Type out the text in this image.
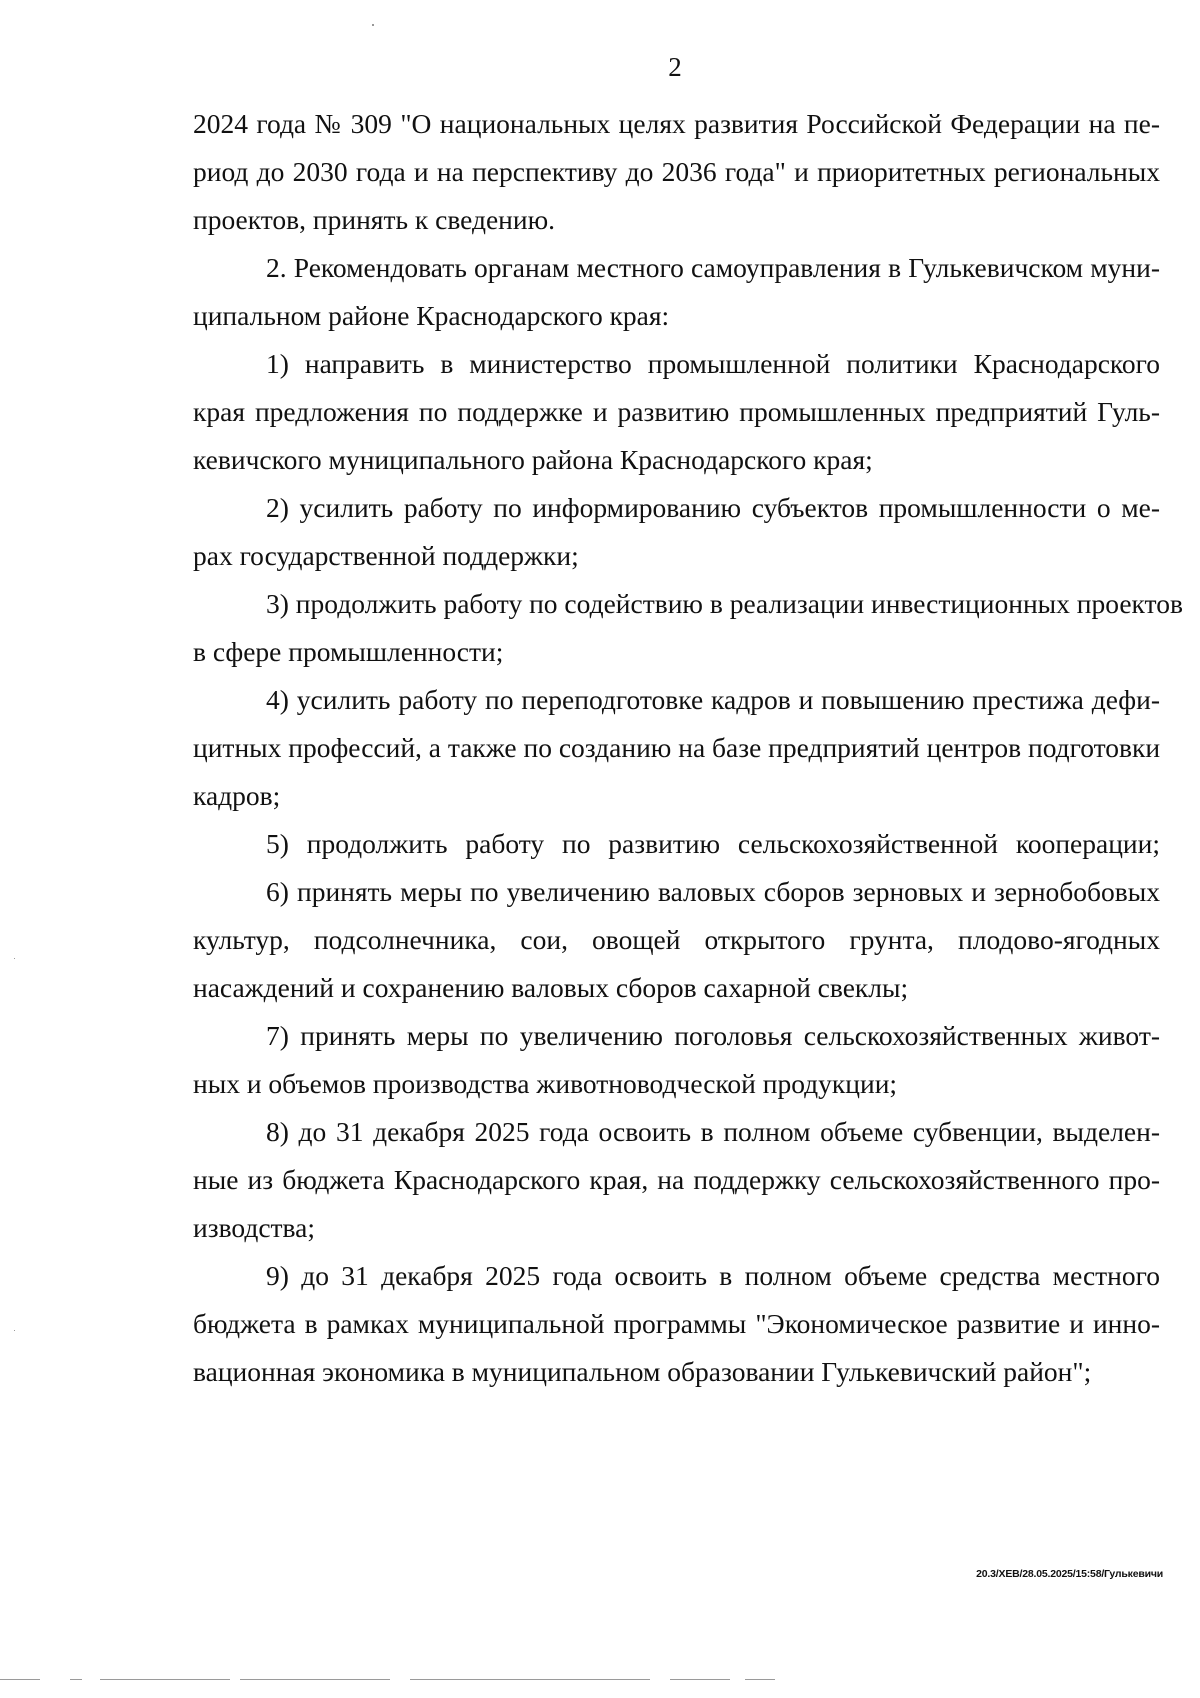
2
2024 года № 309 "О национальных целях развития Российской Федерации на пе-
риод до 2030 года и на перспективу до 2036 года" и приоритетных региональных
проектов, принять к сведению.
2. Рекомендовать органам местного самоуправления в Гулькевичском муни-
ципальном районе Краснодарского края:
1) направить в министерство промышленной политики Краснодарского
края предложения по поддержке и развитию промышленных предприятий Гуль-
кевичского муниципального района Краснодарского края;
2) усилить работу по информированию субъектов промышленности о ме-
рах государственной поддержки;
3) продолжить работу по содействию в реализации инвестиционных проектов
в сфере промышленности;
4) усилить работу по переподготовке кадров и повышению престижа дефи-
цитных профессий, а также по созданию на базе предприятий центров подготовки
кадров;
5) продолжить работу по развитию сельскохозяйственной кооперации;
6) принять меры по увеличению валовых сборов зерновых и зернобобовых
культур, подсолнечника, сои, овощей открытого грунта, плодово-ягодных
насаждений и сохранению валовых сборов сахарной свеклы;
7) принять меры по увеличению поголовья сельскохозяйственных живот-
ных и объемов производства животноводческой продукции;
8) до 31 декабря 2025 года освоить в полном объеме субвенции, выделен-
ные из бюджета Краснодарского края, на поддержку сельскохозяйственного про-
изводства;
9) до 31 декабря 2025 года освоить в полном объеме средства местного
бюджета в рамках муниципальной программы "Экономическое развитие и инно-
вационная экономика в муниципальном образовании Гулькевичский район";
20.3/ХЕВ/28.05.2025/15:58/Гулькевичи
